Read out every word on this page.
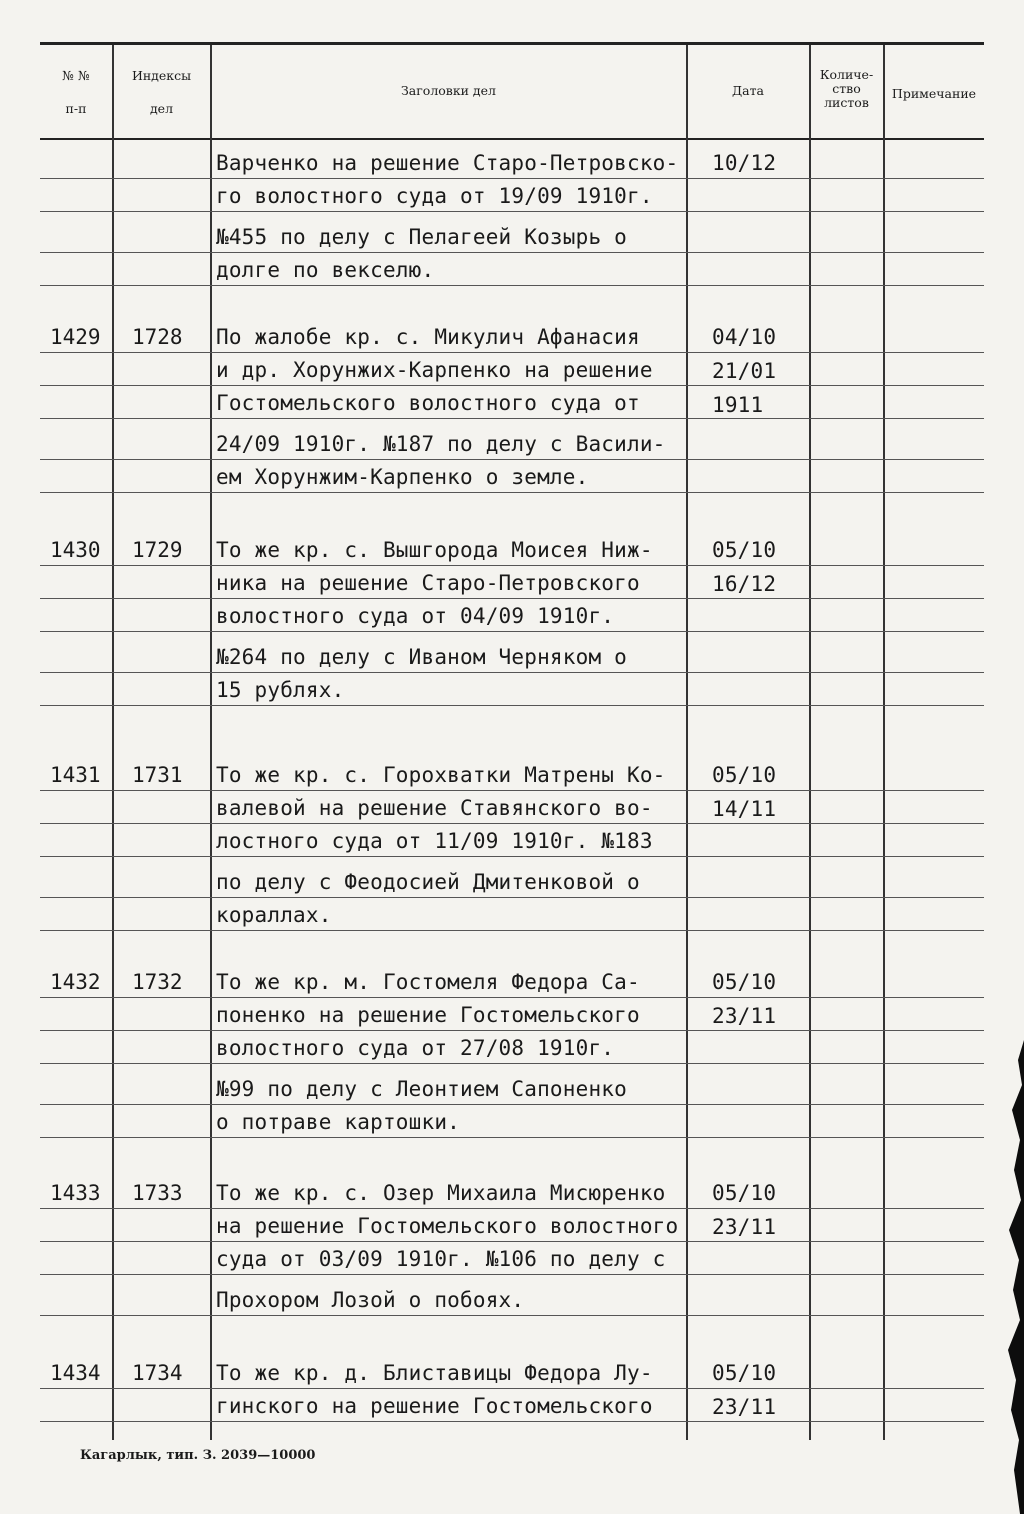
№ №
п-п
Индексы
дел
Заголовки дел	Дата
Количе-
ство
листов
Примечание
Варченко на решение Старо-Петровско-
го волостного суда от 19/09 1910г.
№455 по делу с Пелагеей Козырь о
долге по векселю.
10/12
1429 1728 По жалобе кр. с. Микулич Афанасия
и др. Хорунжих-Карпенко на решение
Гостомельского волостного суда от
24/09 1910г. №187 по делу с Васили-
ем Хорунжим-Карпенко о земле.
04/10
21/01
1911
1430 1729 То же кр. с. Вышгорода Моисея Ниж-
ника на решение Старо-Петровского
волостного суда от 04/09 1910г.
№264 по делу с Иваном Черняком о
15 рублях.
05/10
16/12
1431 1731 То же кр. с. Горохватки Матрены Ко-
валевой на решение Ставянского во-
лостного суда от 11/09 1910г. №183
по делу с Феодосией Дмитенковой о
кораллах.
05/10
14/11
1432 1732 То же кр. м. Гостомеля Федора Са-
поненко на решение Гостомельского
волостного суда от 27/08 1910г.
№99 по делу с Леонтием Сапоненко
о потраве картошки.
05/10
23/11
1433 1733 То же кр. с. Озер Михаила Мисюренко
на решение Гостомельского волостного
суда от 03/09 1910г. №106 по делу с
Прохором Лозой о побоях.
05/10
23/11
1434 1734 То же кр. д. Блиставицы Федора Лу-
гинского на решение Гостомельского
05/10
23/11
Кагарлык, тип. З. 2039—10000
